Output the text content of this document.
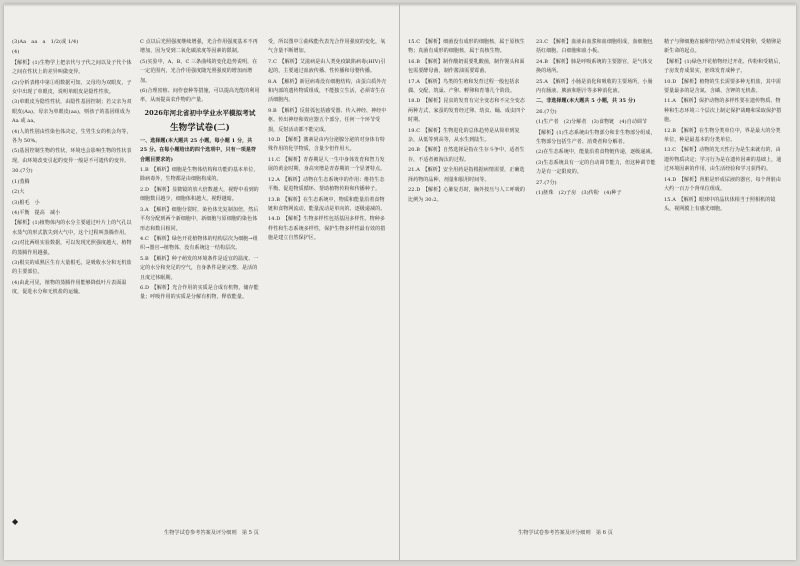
(3)Aa　aa　a　1/2(或 1/4)

(4)　　　　　　　　　　　　　

【解析】(1)生物学上把亲代与子代之间以及子代个体之间在性状上的差异叫做变异。

(2)分析表格中第①组数据可知，父母均为双眼皮，子女中出现了单眼皮，说明单眼皮是隐性性状。

(3)单眼皮为隐性性状，由隐性基因控制；若父亲为双眼皮(Aa)，母亲为单眼皮(aa)，则孩子的基因组成为 Aa 或 aa。

(4)人的性别由性染色体决定，生男生女的机会均等，各为 50%。

(5)基因控制生物的性状，环境也会影响生物的性状表现，由环境改变引起的变异一般是不可遗传的变异。

30.(7分)

(1)蒸腾

(2)大

(3)根毛　小

(4)平衡　提高　减小

【解析】(1)植物体内的水分主要通过叶片上的气孔以水蒸气的形式散失到大气中，这个过程叫蒸腾作用。

(2)对比两组实验数据，可以发现光照强度越大，植物的蒸腾作用越强。

(3)根尖的成熟区生有大量根毛，是吸收水分和无机盐的主要部位。

(4)由此可见，植物的蒸腾作用能够降低叶片表面温度，促进水分和无机盐的运输。

C 点以后光照强度继续增强，光合作用强度基本不再增加，因为受到二氧化碳浓度等因素的限制。

(5)实验中，A、B、C 三条曲线的变化趋势说明，在一定范围内，光合作用强度随光照强度的增加而增加。

(6)合理密植、间作套种等措施，可以提高光能的利用率，从而提高农作物的产量。

2026年河北省初中学业水平模拟考试

生物学试卷(二)

一、选择题(本大题共 25 小题，每小题 1 分，共 25 分。在每小题给出的四个选项中，只有一项是符合题目要求的)

1.B　【解析】细胞是生物体结构和功能的基本单位，除病毒外，生物都是由细胞构成的。

2.D　【解析】显微镜的放大倍数越大，视野中看到的细胞数目越少，细胞体积越大，视野越暗。

3.A　【解析】细胞分裂时，染色体先复制加倍，然后平均分配到两个新细胞中，新细胞与原细胞的染色体形态和数目相同。

4.C　【解析】绿色开花植物体的结构层次为细胞→组织→器官→植物体，没有系统这一结构层次。

5.B　【解析】种子萌发的环境条件是适宜的温度、一定的水分和充足的空气，自身条件是胚完整、是活的且度过休眠期。

6.D　【解析】光合作用的实质是合成有机物，储存能量；呼吸作用的实质是分解有机物，释放能量。

受，所以图中①曲线能代表光合作用强度的变化，氧气含量不断增加。

7.C　【解析】艾滋病是由人类免疫缺陷病毒(HIV)引起的，主要通过血液传播、性传播和母婴传播。

8.A　【解析】新冠病毒没有细胞结构，由蛋白质外壳和内部的遗传物质组成，不能独立生活，必须寄生在活细胞内。

9.B　【解析】反射弧包括感受器、传入神经、神经中枢、传出神经和效应器五个部分，任何一个环节受损，反射活动都不能完成。

10.D　【解析】激素是由内分泌腺分泌的对身体有特殊作用的化学物质，含量少但作用大。

11.C　【解析】青春期是人一生中身体发育和智力发展的黄金时期，身高突增是青春期的一个显著特点。

12.A　【解析】动物在生态系统中的作用：维持生态平衡、促进物质循环、帮助植物传粉和传播种子。

13.B　【解析】在生态系统中，物质和能量沿着食物链和食物网流动，能量流动是单向的、逐级递减的。

14.D　【解析】生物多样性包括基因多样性、物种多样性和生态系统多样性，保护生物多样性最有效的措施是建立自然保护区。

◆
生物学试卷参考答案及评分细则　第 5 页

15.C　【解析】细菌没有成形的细胞核，属于原核生物；真菌有成形的细胞核，属于真核生物。

16.B　【解析】制作酸奶需要乳酸菌，制作馒头和面包需要酵母菌，制作酱油需要霉菌。

17.A　【解析】鸟类的生殖和发育过程一般包括求偶、交配、筑巢、产卵、孵卵和育雏几个阶段。

18.D　【解析】昆虫的发育有完全变态和不完全变态两种方式，家蚕的发育经过卵、幼虫、蛹、成虫四个时期。

19.C　【解析】生物进化的总体趋势是从简单到复杂，从低等到高等，从水生到陆生。

20.B　【解析】自然选择是指在生存斗争中，适者生存，不适者被淘汰的过程。

21.A　【解析】安全用药是指根据病情需要，正确选择药物的品种、剂量和服用时间等。

22.D　【解析】心肺复苏时，胸外按压与人工呼吸的比例为 30:2。

23.C　【解析】血液由血浆和血细胞组成，血细胞包括红细胞、白细胞和血小板。

24.B　【解析】肺是呼吸系统的主要器官，是气体交换的场所。

25.A　【解析】小肠是消化和吸收的主要场所，小肠内有肠液、胰液和胆汁等多种消化液。

二、非选择题(本大题共 5 小题，共 35 分)

26.(7分)

(1)生产者　(2)分解者　(3)食物链　(4)自动调节

【解析】(1)生态系统由生物部分和非生物部分组成，生物部分包括生产者、消费者和分解者。

(2)在生态系统中，能量沿着食物链传递，逐级递减。

(3)生态系统具有一定的自动调节能力，但这种调节能力是有一定限度的。

27.(7分)

(1)胚珠　(2)子房　(3)传粉　(4)种子

精子与卵细胞在输卵管内结合形成受精卵，受精卵是新生命的起点。

【解析】(1)绿色开花植物经过开花、传粉和受精后，子房发育成果实，胚珠发育成种子。

10.D　【解析】植物的生长需要多种无机盐，其中需要量最多的是含氮、含磷、含钾的无机盐。

11.A　【解析】保护动物的多样性要在遗传物质、物种和生态环境三个层次上制定保护战略和采取保护措施。

12.B　【解析】在生物分类单位中，界是最大的分类单位，种是最基本的分类单位。

13.C　【解析】动物的先天性行为是生来就有的，由遗传物质决定；学习行为是在遗传因素的基础上，通过环境因素的作用，由生活经验和学习获得的。

14.D　【解析】肾脏是形成尿液的器官，每个肾脏由大约一百万个肾单位组成。

15.A　【解析】眼球中的晶状体相当于照相机的镜头，视网膜上有感光细胞。

生物学试卷参考答案及评分细则　第 6 页
